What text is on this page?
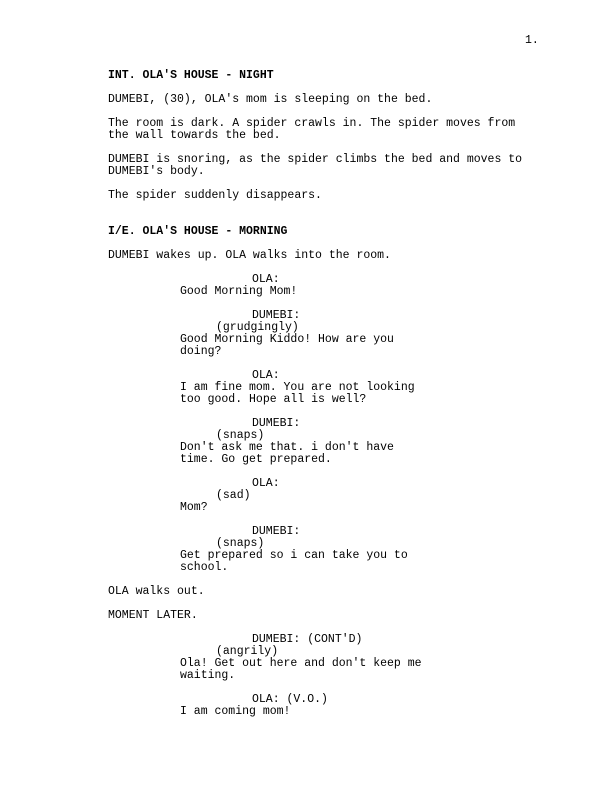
1.
INT. OLA'S HOUSE - NIGHT
DUMEBI, (30), OLA's mom is sleeping on the bed.
The room is dark. A spider crawls in. The spider moves from
the wall towards the bed.
DUMEBI is snoring, as the spider climbs the bed and moves to
DUMEBI's body.
The spider suddenly disappears.
I/E. OLA'S HOUSE - MORNING
DUMEBI wakes up. OLA walks into the room.
OLA:
Good Morning Mom!
DUMEBI:
(grudgingly)
Good Morning Kiddo! How are you
doing?
OLA:
I am fine mom. You are not looking
too good. Hope all is well?
DUMEBI:
(snaps)
Don't ask me that. i don't have
time. Go get prepared.
OLA:
(sad)
Mom?
DUMEBI:
(snaps)
Get prepared so i can take you to
school.
OLA walks out.
MOMENT LATER.
DUMEBI: (CONT'D)
(angrily)
Ola! Get out here and don't keep me
waiting.
OLA: (V.O.)
I am coming mom!
